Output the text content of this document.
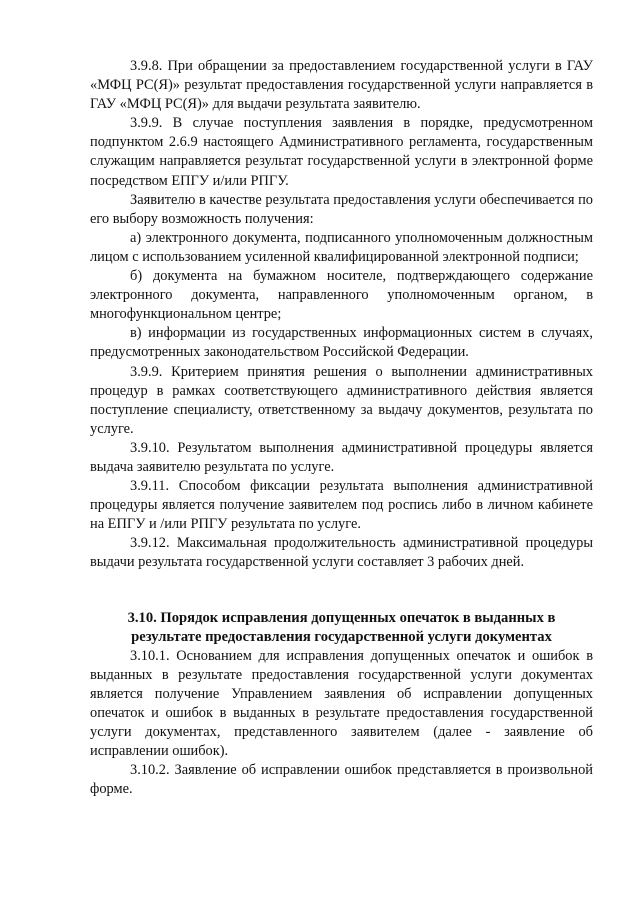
3.9.8. При обращении за предоставлением государственной услуги в ГАУ «МФЦ РС(Я)» результат предоставления государственной услуги направляется в ГАУ «МФЦ РС(Я)» для выдачи результата заявителю.

3.9.9. В случае поступления заявления в порядке, предусмотренном подпунктом 2.6.9 настоящего Административного регламента, государственным служащим направляется результат государственной услуги в электронной форме посредством ЕПГУ и/или РПГУ.

Заявителю в качестве результата предоставления услуги обеспечивается по его выбору возможность получения:

а) электронного документа, подписанного уполномоченным должностным лицом с использованием усиленной квалифицированной электронной подписи;

б) документа на бумажном носителе, подтверждающего содержание электронного документа, направленного уполномоченным органом, в многофункциональном центре;

в) информации из государственных информационных систем в случаях, предусмотренных законодательством Российской Федерации.

3.9.9. Критерием принятия решения о выполнении административных процедур в рамках соответствующего административного действия является поступление специалисту, ответственному за выдачу документов, результата по услуге.

3.9.10. Результатом выполнения административной процедуры является выдача заявителю результата по услуге.

3.9.11. Способом фиксации результата выполнения административной процедуры является получение заявителем под роспись либо в личном кабинете на ЕПГУ и /или РПГУ результата по услуге.

3.9.12. Максимальная продолжительность административной процедуры выдачи результата государственной услуги составляет 3 рабочих дней.

3.10. Порядок исправления допущенных опечаток в выданных в результате предоставления государственной услуги документах

3.10.1. Основанием для исправления допущенных опечаток и ошибок в выданных в результате предоставления государственной услуги документах является получение Управлением заявления об исправлении допущенных опечаток и ошибок в выданных в результате предоставления государственной услуги документах, представленного заявителем (далее - заявление об исправлении ошибок).

3.10.2. Заявление об исправлении ошибок представляется в произвольной форме.
